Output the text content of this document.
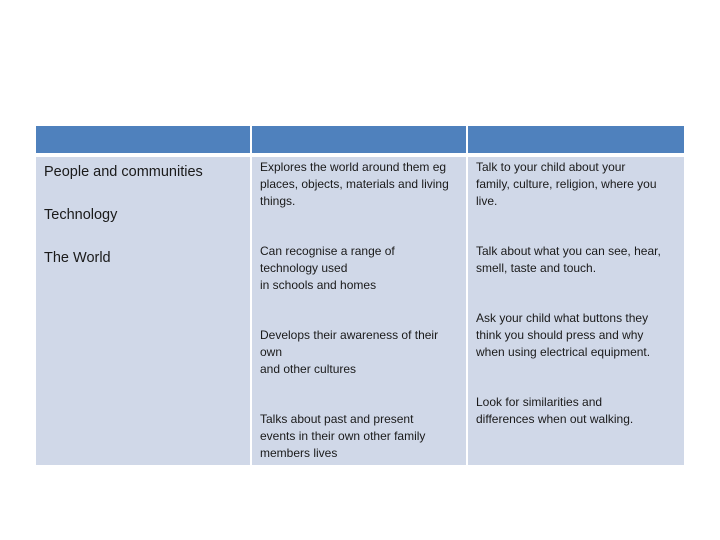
People and communities
Technology
The World
Explores the world around them eg
places, objects, materials and living
things.
Can recognise a range of
technology used
in schools and homes
Develops their awareness of their
own
and other cultures
Talks about past and present
events in their own other family
members lives
Talk to your child about your
family, culture, religion, where you
live.
Talk about what you can see, hear,
smell, taste and touch.
Ask your child what buttons they
think you should press and why
when using electrical equipment.
Look for similarities and
differences when out walking.
